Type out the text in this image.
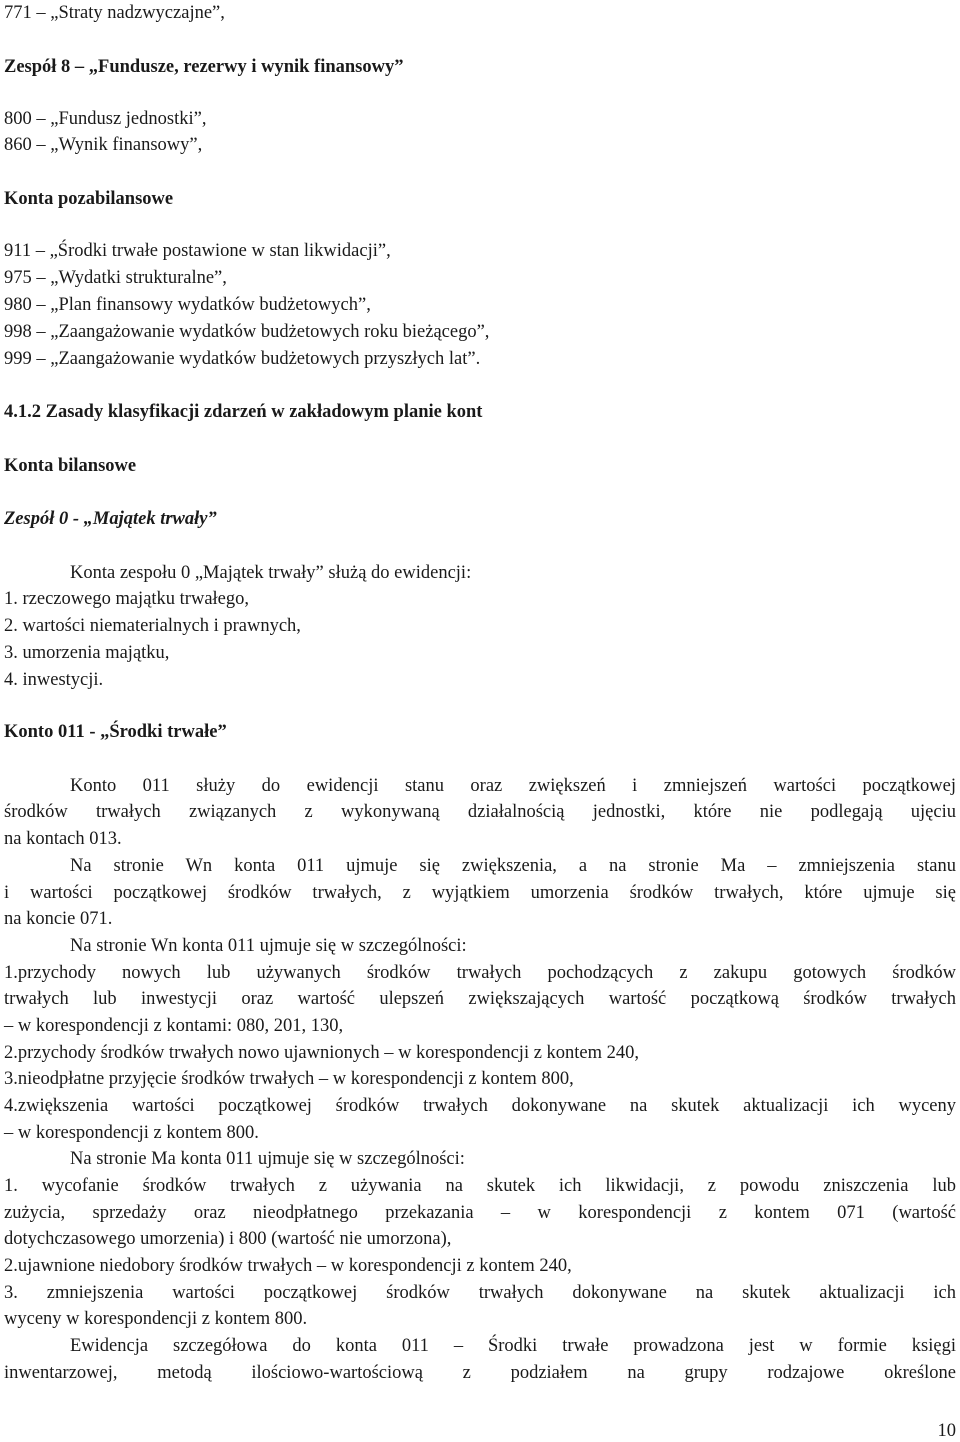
771 – „Straty nadzwyczajne”,
Zespół 8 – „Fundusze, rezerwy i wynik finansowy”
800 – „Fundusz jednostki”,
860 – „Wynik finansowy”,
Konta pozabilansowe
911 – „Środki trwałe postawione w stan likwidacji”,
975 – „Wydatki strukturalne”,
980 – „Plan finansowy wydatków budżetowych”,
998 – „Zaangażowanie wydatków budżetowych roku bieżącego”,
999 – „Zaangażowanie wydatków budżetowych przyszłych lat”.
4.1.2 Zasady klasyfikacji zdarzeń w zakładowym planie kont
Konta bilansowe
Zespół 0 - „Majątek trwały”
Konta zespołu 0 „Majątek trwały” służą do ewidencji:
1. rzeczowego majątku trwałego,
2. wartości niematerialnych i prawnych,
3. umorzenia majątku,
4. inwestycji.
Konto 011 - „Środki trwałe”
Konto 011 służy do ewidencji stanu oraz zwiększeń i zmniejszeń wartości początkowej
środków trwałych związanych z wykonywaną działalnością jednostki, które nie podlegają ujęciu
na kontach 013.
Na stronie Wn konta 011 ujmuje się zwiększenia, a na stronie Ma – zmniejszenia stanu
i wartości początkowej środków trwałych, z wyjątkiem umorzenia środków trwałych, które ujmuje się
na koncie 071.
Na stronie Wn konta 011 ujmuje się w szczególności:
1.przychody nowych lub używanych środków trwałych pochodzących z zakupu gotowych środków
trwałych lub inwestycji oraz wartość ulepszeń zwiększających wartość początkową środków trwałych
– w korespondencji z kontami: 080, 201, 130,
2.przychody środków trwałych nowo ujawnionych – w korespondencji z kontem 240,
3.nieodpłatne przyjęcie środków trwałych – w korespondencji z kontem 800,
4.zwiększenia wartości początkowej środków trwałych dokonywane na skutek aktualizacji ich wyceny
– w korespondencji z kontem 800.
Na stronie Ma konta 011 ujmuje się w szczególności:
1. wycofanie środków trwałych z używania na skutek ich likwidacji, z powodu zniszczenia lub
zużycia, sprzedaży oraz nieodpłatnego przekazania – w korespondencji z kontem 071 (wartość
dotychczasowego umorzenia) i 800 (wartość nie umorzona),
2.ujawnione niedobory środków trwałych – w korespondencji z kontem 240,
3. zmniejszenia wartości początkowej środków trwałych dokonywane na skutek aktualizacji ich
wyceny w korespondencji z kontem 800.
Ewidencja szczegółowa do konta 011 – Środki trwałe prowadzona jest w formie księgi
inwentarzowej, metodą ilościowo-wartościową z podziałem na grupy rodzajowe określone
10
